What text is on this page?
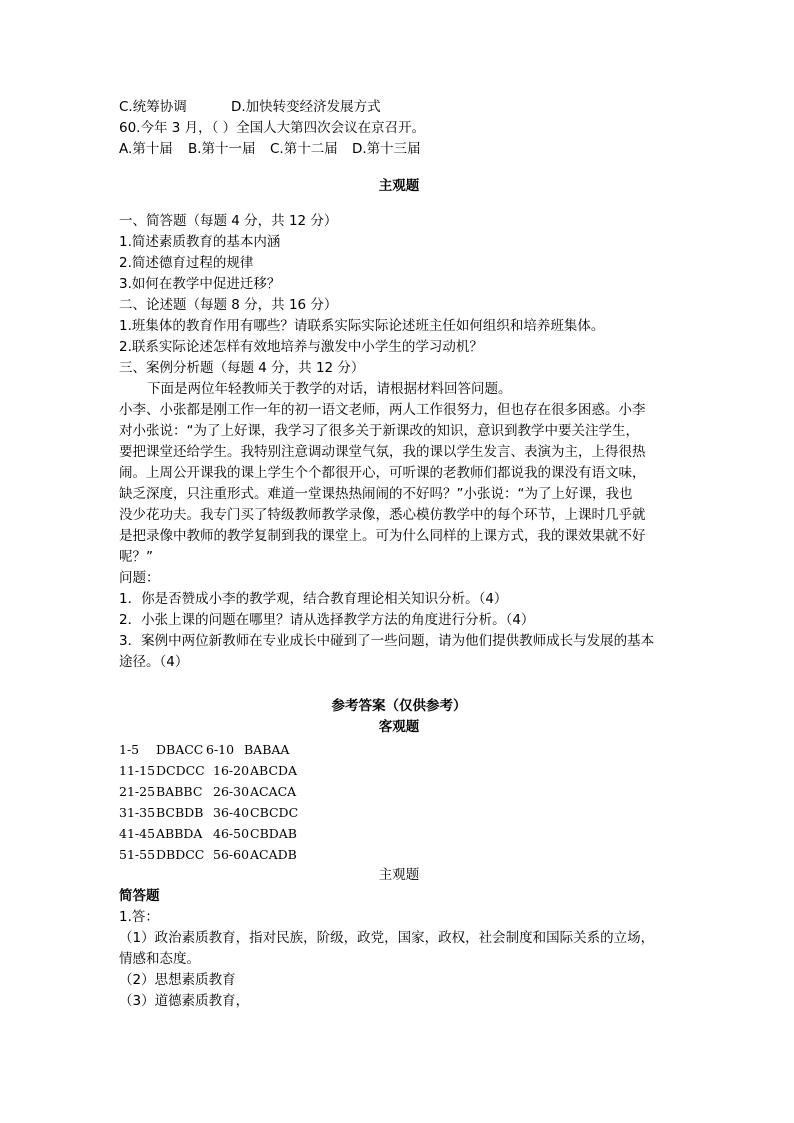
C.统筹协调	D.加快转变经济发展方式
60.今年 3 月，（ ）全国人大第四次会议在京召开。
A.第十届 B.第十一届 C.第十二届 D.第十三届
主观题
一、简答题（每题 4 分，共 12 分）
1.简述素质教育的基本内涵
2.简述德育过程的规律
3.如何在教学中促进迁移？
二、论述题（每题 8 分，共 16 分）
1.班集体的教育作用有哪些？请联系实际实际论述班主任如何组织和培养班集体。
2.联系实际论述怎样有效地培养与激发中小学生的学习动机？
三、案例分析题（每题 4 分，共 12 分）
下面是两位年轻教师关于教学的对话，请根据材料回答问题。
小李、小张都是刚工作一年的初一语文老师，两人工作很努力，但也存在很多困惑。小李
对小张说：“为了上好课，我学习了很多关于新课改的知识，意识到教学中要关注学生，
要把课堂还给学生。我特别注意调动课堂气氛，我的课以学生发言、表演为主，上得很热
闹。上周公开课我的课上学生个个都很开心，可听课的老教师们都说我的课没有语文味，
缺乏深度，只注重形式。难道一堂课热热闹闹的不好吗？”小张说：“为了上好课，我也
没少花功夫。我专门买了特级教师教学录像，悉心模仿教学中的每个环节，上课时几乎就
是把录像中教师的教学复制到我的课堂上。可为什么同样的上课方式，我的课效果就不好
呢？”
问题：
1．你是否赞成小李的教学观，结合教育理论相关知识分析。（4）
2．小张上课的问题在哪里？请从选择教学方法的角度进行分析。（4）
3．案例中两位新教师在专业成长中碰到了一些问题，请为他们提供教师成长与发展的基本
途径。（4）
参考答案（仅供参考）
客观题
1-5 DBACC 6-10 BABAA
11-15 DCDCC 16-20 ABCDA
21-25 BABBC 26-30 ACACA
31-35 BCBDB 36-40 CBCDC
41-45 ABBDA 46-50 CBDAB
51-55 DBDCC 56-60 ACADB
主观题
简答题
1.答：
（1）政治素质教育，指对民族，阶级，政党，国家，政权，社会制度和国际关系的立场，
情感和态度。
（2）思想素质教育
（3）道德素质教育，
